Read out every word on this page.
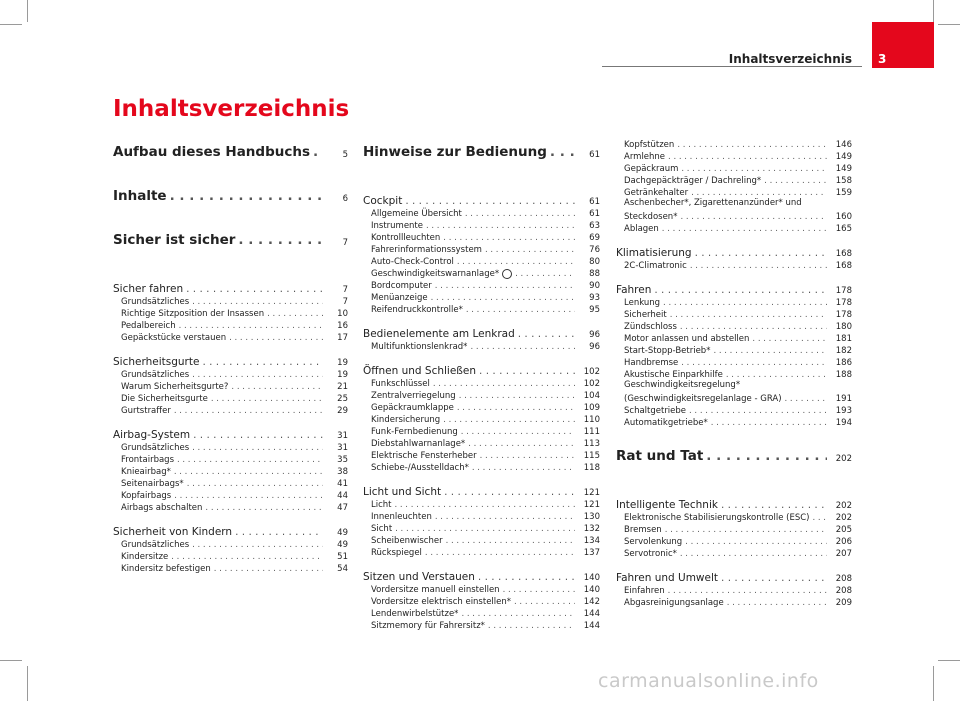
Inhaltsverzeichnis 3
Inhaltsverzeichnis
Aufbau dieses Handbuchs . . .	5
Inhalte . . .	6
Sicher ist sicher . . .	7
Sicher fahren . . .	7
Grundsätzliches . . .	7
Richtige Sitzposition der Insassen . . .	10
Pedalbereich . . .	16
Gepäckstücke verstauen . . .	17
Sicherheitsgurte . . .	19
Grundsätzliches . . .	19
Warum Sicherheitsgurte? . . .	21
Die Sicherheitsgurte . . .	25
Gurtstraffer . . .	29
Airbag-System . . .	31
Grundsätzliches . . .	31
Frontairbags . . .	35
Knieairbag* . . .	38
Seitenairbags* . . .	41
Kopfairbags . . .	44
Airbags abschalten . . .	47
Sicherheit von Kindern . . .	49
Grundsätzliches . . .	49
Kindersitze . . .	51
Kindersitz befestigen . . .	54
Hinweise zur Bedienung . . .	61
Cockpit . . .	61
Allgemeine Übersicht . . .	61
Instrumente . . .	63
Kontrollleuchten . . .	69
Fahrerinformationssystem . . .	76
Auto-Check-Control . . .	80
Geschwindigkeitswarnanlage* . . .	88
Bordcomputer . . .	90
Menüanzeige . . .	93
Reifendruckkontrolle* . . .	95
Bedienelemente am Lenkrad . . .	96
Multifunktionslenkrad* . . .	96
Öffnen und Schließen . . .	102
Funkschlüssel . . .	102
Zentralverriegelung . . .	104
Gepäckraumklappe . . .	109
Kindersicherung . . .	110
Funk-Fernbedienung . . .	111
Diebstahlwarnanlage* . . .	113
Elektrische Fensterheber . . .	115
Schiebe-/Ausstelldach* . . .	118
Licht und Sicht . . .	121
Licht . . .	121
Innenleuchten . . .	130
Sicht . . .	132
Scheibenwischer . . .	134
Rückspiegel . . .	137
Sitzen und Verstauen . . .	140
Vordersitze manuell einstellen . . .	140
Vordersitze elektrisch einstellen* . . .	142
Lendenwirbelstütze* . . .	144
Sitzmemory für Fahrersitz* . . .	144
Kopfstützen . . .	146
Armlehne . . .	149
Gepäckraum . . .	149
Dachgepäckträger / Dachreling* . . .	158
Getränkehalter . . .	159
Aschenbecher*, Zigarettenanzünder* und
Steckdosen* . . .	160
Ablagen . . .	165
Klimatisierung . . .	168
2C-Climatronic . . .	168
Fahren . . .	178
Lenkung . . .	178
Sicherheit . . .	178
Zündschloss . . .	180
Motor anlassen und abstellen . . .	181
Start-Stopp-Betrieb* . . .	182
Handbremse . . .	186
Akustische Einparkhilfe . . .	188
Geschwindigkeitsregelung*
(Geschwindigkeitsregelanlage - GRA) . . .	191
Schaltgetriebe . . .	193
Automatikgetriebe* . . .	194
Rat und Tat . . .	202
Intelligente Technik . . .	202
Elektronische Stabilisierungskontrolle (ESC) . . .	202
Bremsen . . .	205
Servolenkung . . .	206
Servotronic* . . .	207
Fahren und Umwelt . . .	208
Einfahren . . .	208
Abgasreinigungsanlage . . .	209
carmanualsonline.info
